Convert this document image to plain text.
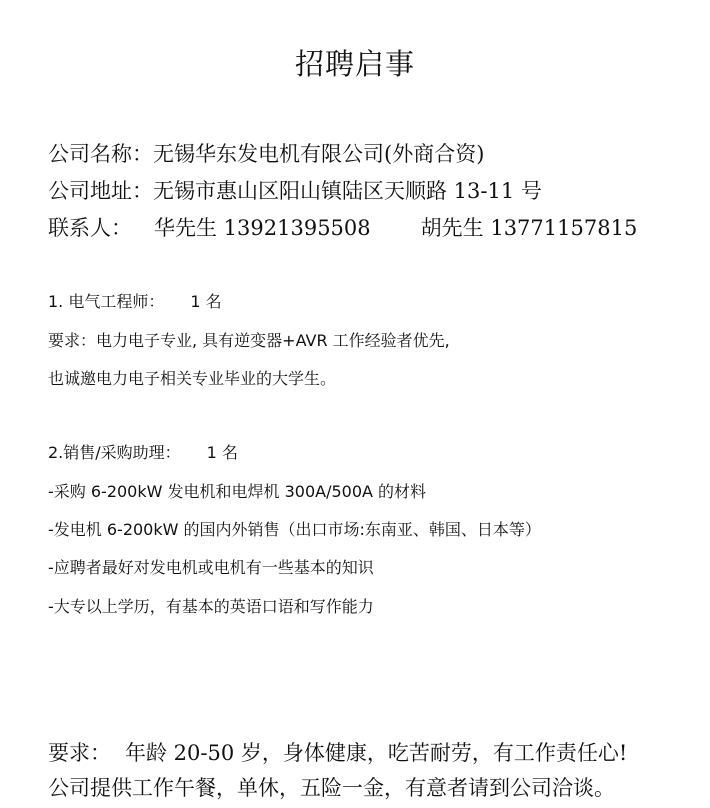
招聘启事
公司名称：无锡华东发电机有限公司(外商合资)
公司地址：无锡市惠山区阳山镇陆区天顺路 13-11 号
联系人： 华先生 13921395508 胡先生 13771157815
1. 电气工程师： 1 名
要求：电力电子专业, 具有逆变器+AVR 工作经验者优先,
也诚邀电力电子相关专业毕业的大学生。
2.销售/采购助理： 1 名
-采购 6-200kW 发电机和电焊机 300A/500A 的材料
-发电机 6-200kW 的国内外销售（出口市场:东南亚、韩国、日本等）
-应聘者最好对发电机或电机有一些基本的知识
-大专以上学历，有基本的英语口语和写作能力
要求： 年龄 20-50 岁，身体健康，吃苦耐劳，有工作责任心!
公司提供工作午餐，单休，五险一金，有意者请到公司洽谈。
